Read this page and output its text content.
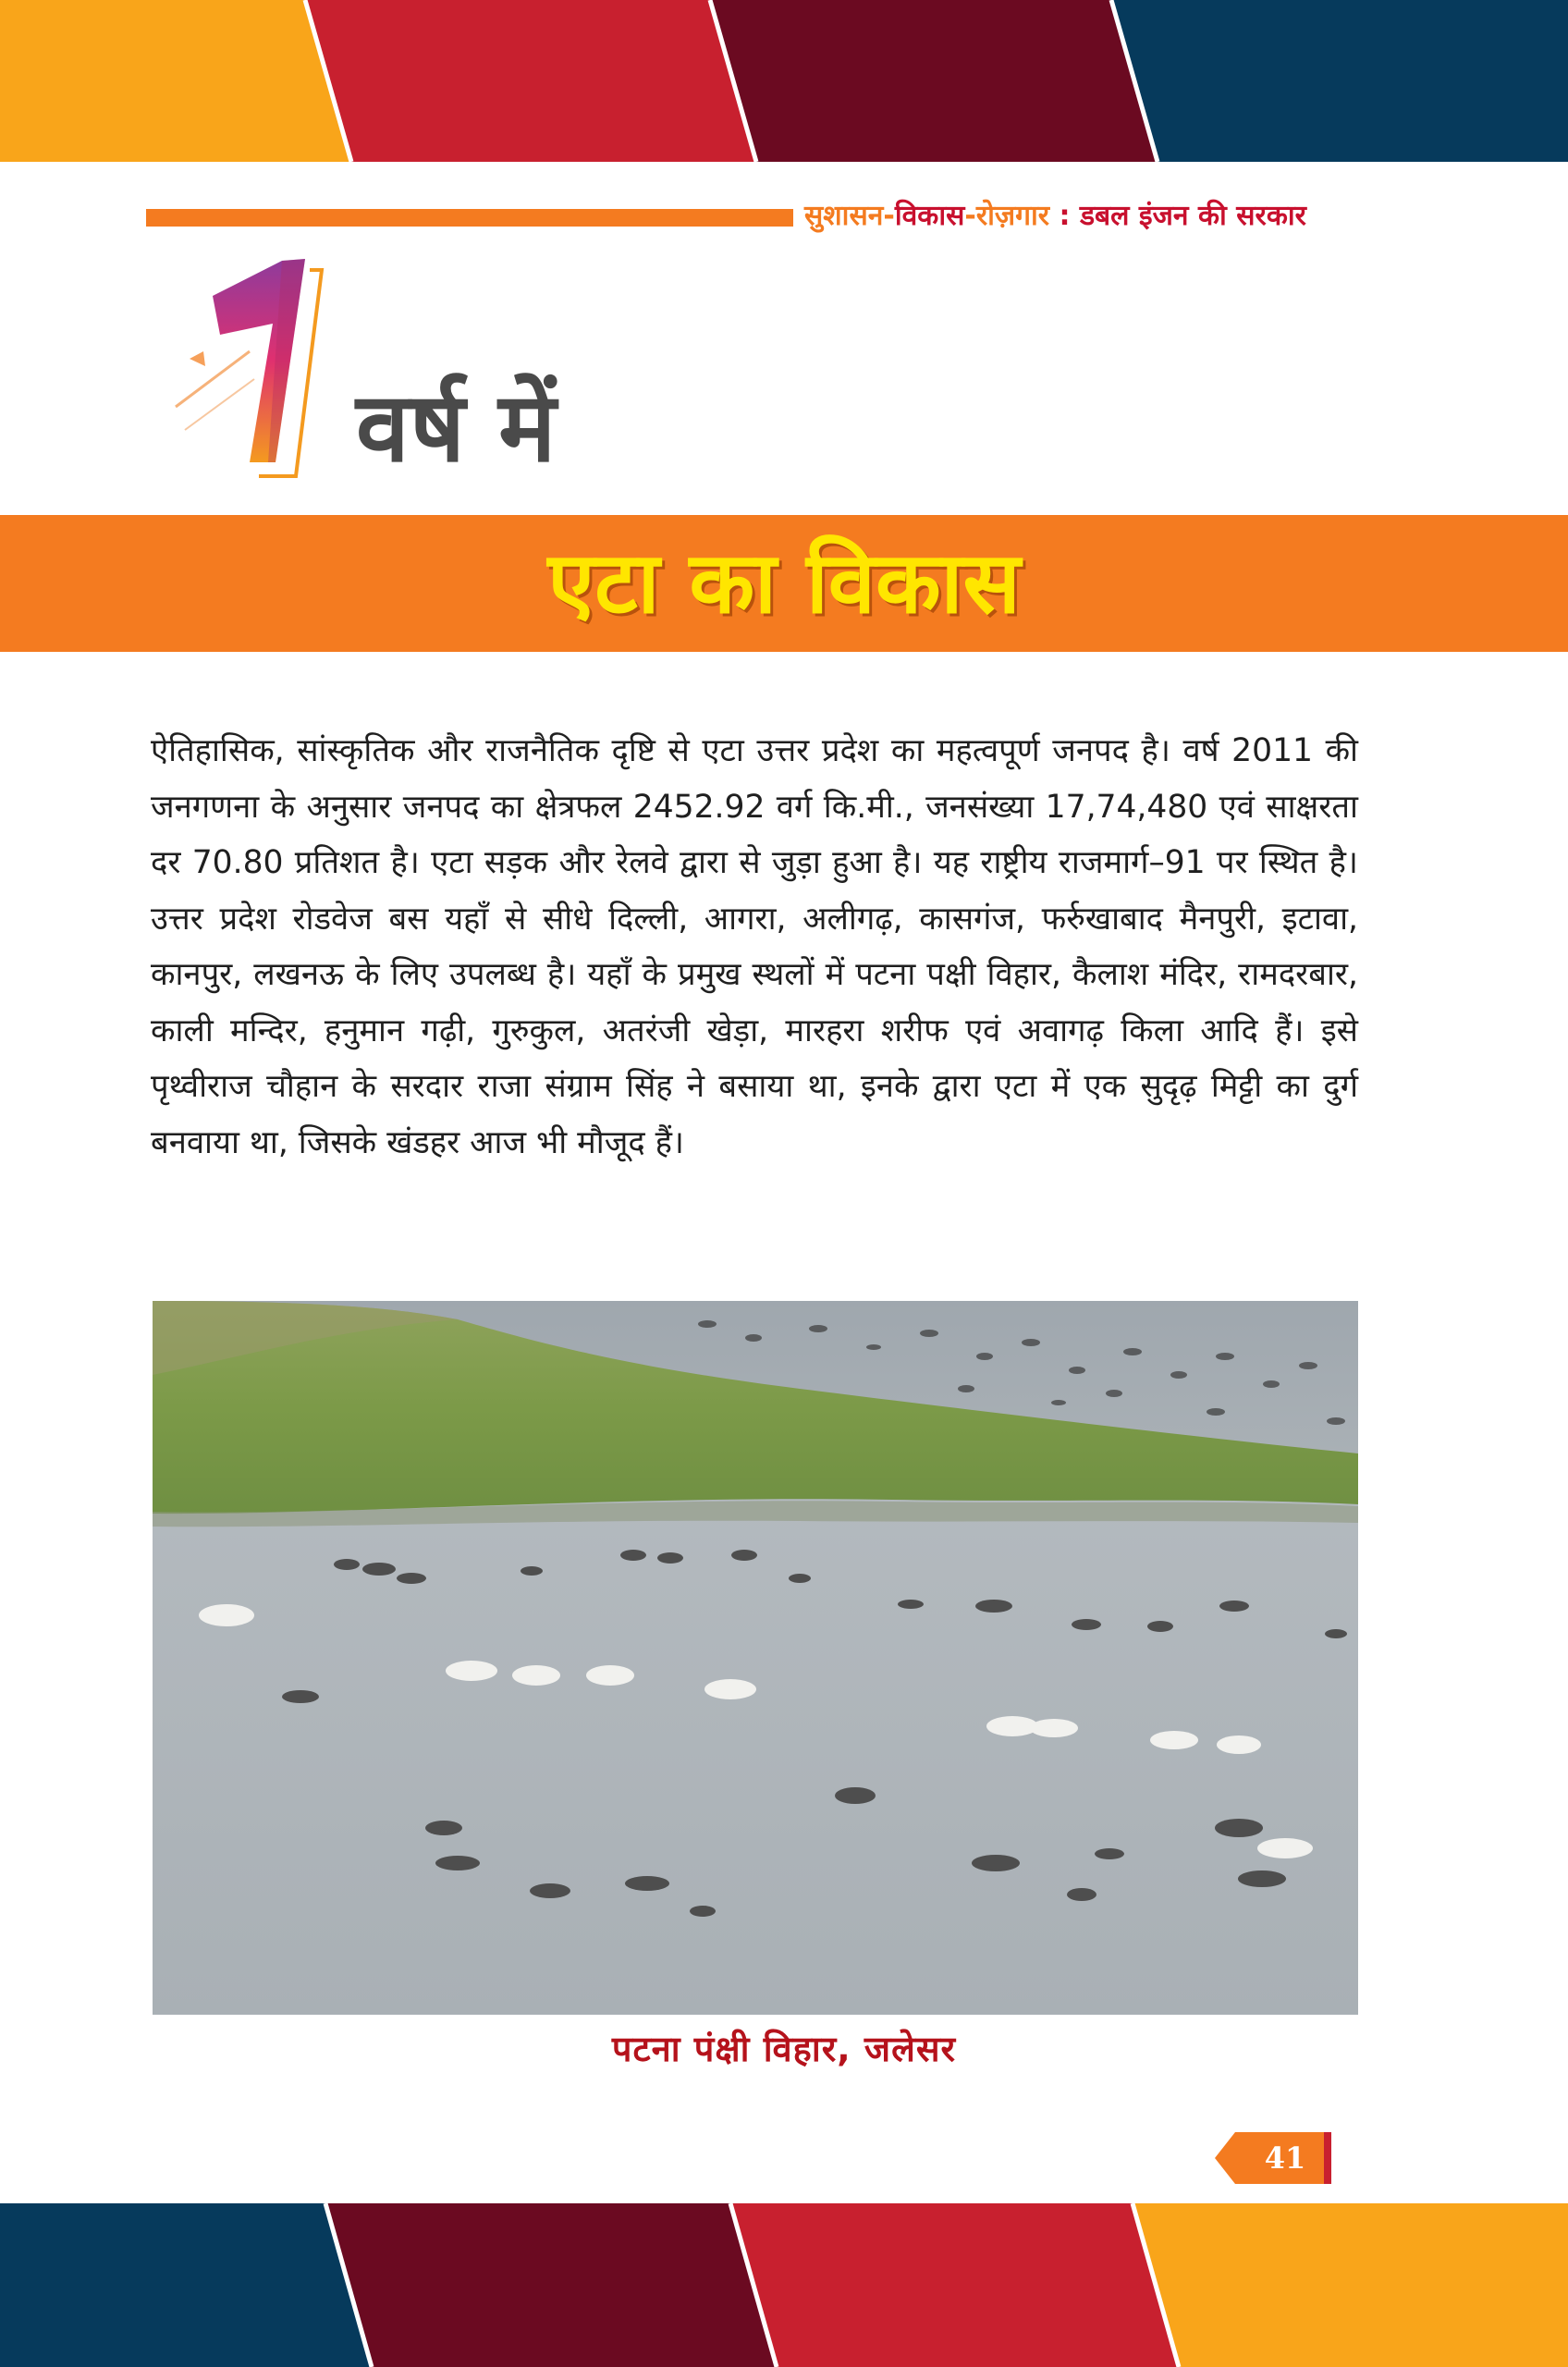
सुशासन-विकास-रोज़गार : डबल इंजन की सरकार
वर्ष में
एटा का विकास
ऐतिहासिक, सांस्कृतिक और राजनैतिक दृष्टि से एटा उत्तर प्रदेश का महत्वपूर्ण जनपद है। वर्ष 2011 की जनगणना के अनुसार जनपद का क्षेत्रफल 2452.92 वर्ग कि.मी., जनसंख्या 17,74,480 एवं साक्षरता दर 70.80 प्रतिशत है। एटा सड़क और रेलवे द्वारा से जुड़ा हुआ है। यह राष्ट्रीय राजमार्ग–91 पर स्थित है। उत्तर प्रदेश रोडवेज बस यहाँ से सीधे दिल्ली, आगरा, अलीगढ़, कासगंज, फर्रुखाबाद मैनपुरी, इटावा, कानपुर, लखनऊ के लिए उपलब्ध है। यहाँ के प्रमुख स्थलों में पटना पक्षी विहार, कैलाश मंदिर, रामदरबार, काली मन्दिर, हनुमान गढ़ी, गुरुकुल, अतरंजी खेड़ा, मारहरा शरीफ एवं अवागढ़ किला आदि हैं। इसे पृथ्वीराज चौहान के सरदार राजा संग्राम सिंह ने बसाया था, इनके द्वारा एटा में एक सुदृढ़ मिट्टी का दुर्ग बनवाया था, जिसके खंडहर आज भी मौजूद हैं।
पटना पंक्षी विहार, जलेसर
41
